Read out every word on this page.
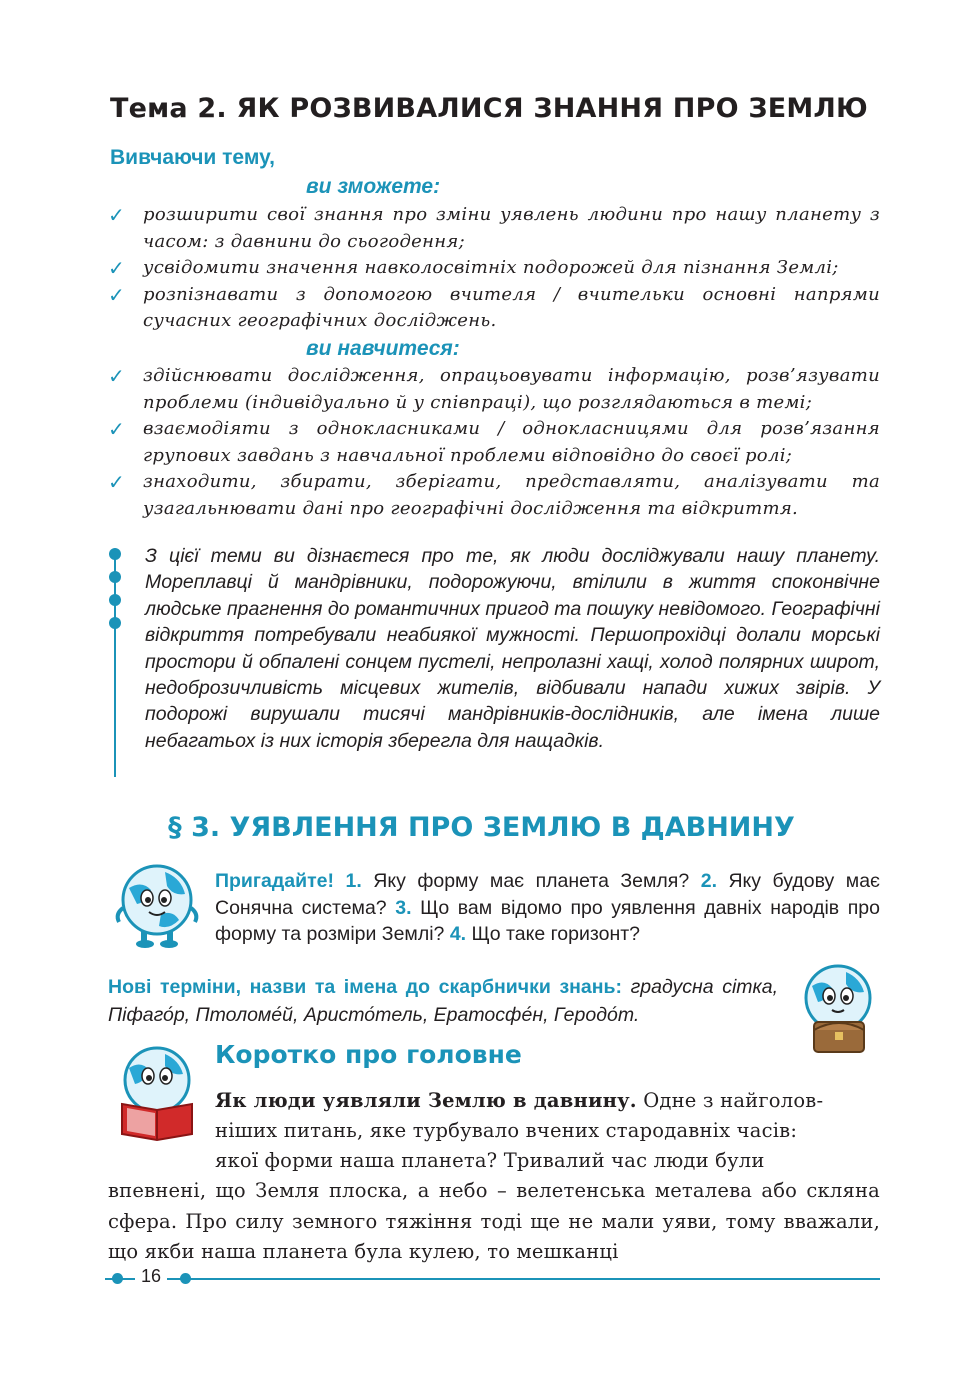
Тема 2. ЯК РОЗВИВАЛИСЯ ЗНАННЯ ПРО ЗЕМЛЮ
Вивчаючи тему,
ви зможете:
✓ розширити свої знання про зміни уявлень людини про нашу планету з часом: з давнини до сьогодення;
✓ усвідомити значення навколосвітніх подорожей для пізнання Землі;
✓ розпізнавати з допомогою вчителя / вчительки основні напрями сучасних географічних досліджень.
ви навчитеся:
✓ здійснювати дослідження, опрацьовувати інформацію, розв’язувати проблеми (індивідуально й у співпраці), що розглядаються в темі;
✓ взаємодіяти з однокласниками / однокласницями для розв’язання групових завдань з навчальної проблеми відповідно до своєї ролі;
✓ знаходити, збирати, зберігати, представляти, аналізувати та узагальнювати дані про географічні дослідження та відкриття.
З цієї теми ви дізнаєтеся про те, як люди досліджували нашу планету. Мореплавці й мандрівники, подорожуючи, втілили в життя споконвічне людське прагнення до романтичних пригод та пошуку невідомого. Географічні відкриття потребували неабиякої мужності. Першопрохідці долали морські простори й обпалені сонцем пустелі, непролазні хащі, холод полярних широт, недоброзичливість місцевих жителів, відбивали напади хижих звірів. У подорожі вирушали тисячі мандрівників-дослідників, але імена лише небагатьох із них історія зберегла для нащадків.
§ 3. УЯВЛЕННЯ ПРО ЗЕМЛЮ В ДАВНИНУ
Пригадайте! 1. Яку форму має планета Земля? 2. Яку будову має Сонячна система? 3. Що вам відомо про уявлення давніх народів про форму та розміри Землі? 4. Що таке горизонт?
Нові терміни, назви та імена до скарбнички знань: градусна сітка, Піфаго́р, Птоломе́й, Аристо́тель, Ератосфе́н, Геродо́т.
Коротко про головне
Як люди уявляли Землю в давнину. Одне з найголов-
ніших питань, яке турбувало вчених стародавніх часів:
якої форми наша планета? Тривалий час люди були
впевнені, що Земля плоска, а небо – велетенська металева або скляна сфера. Про силу земного тяжіння тоді ще не мали уяви, тому вважали, що якби наша планета була кулею, то мешканці
16
